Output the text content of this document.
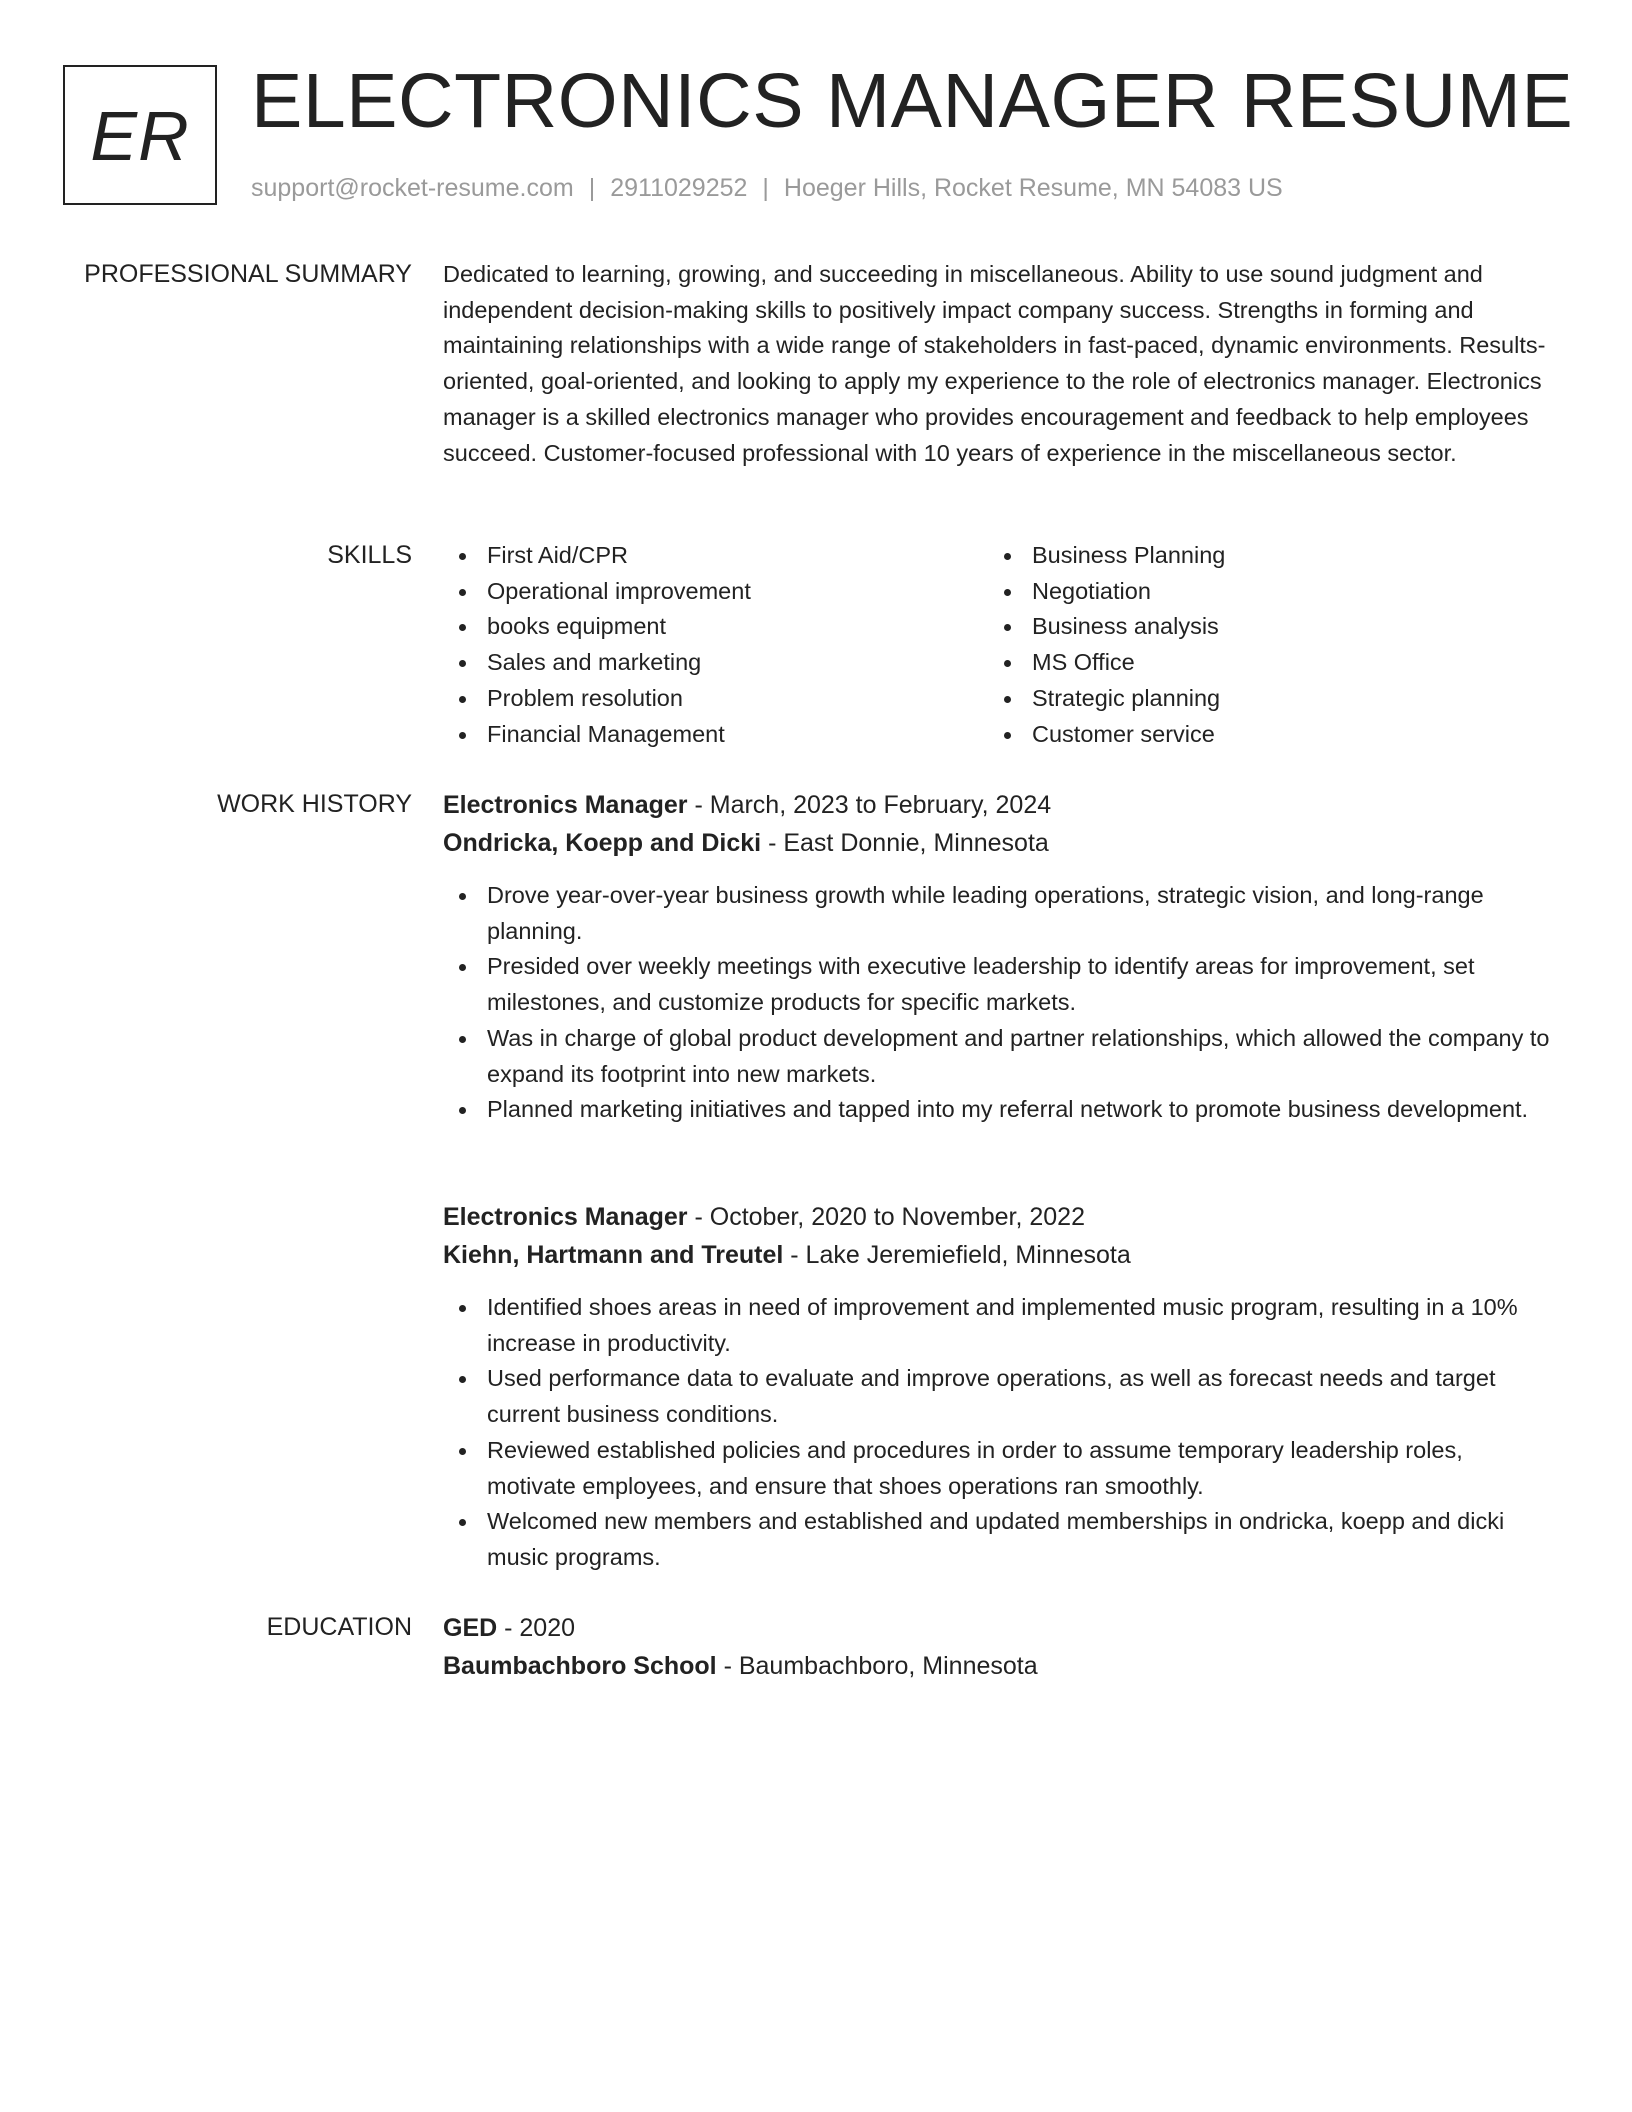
ER ELECTRONICS MANAGER RESUME
support@rocket-resume.com | 2911029252 | Hoeger Hills, Rocket Resume, MN 54083 US
PROFESSIONAL SUMMARY Dedicated to learning, growing, and succeeding in miscellaneous. Ability to use sound judgment and independent decision-making skills to positively impact company success. Strengths in forming and maintaining relationships with a wide range of stakeholders in fast-paced, dynamic environments. Results-oriented, goal-oriented, and looking to apply my experience to the role of electronics manager. Electronics manager is a skilled electronics manager who provides encouragement and feedback to help employees succeed. Customer-focused professional with 10 years of experience in the miscellaneous sector.

SKILLS	First Aid/CPR
Operational improvement
books equipment
Sales and marketing
Problem resolution
Financial Management
Business Planning
Negotiation
Business analysis
MS Office
Strategic planning
Customer service
WORK HISTORY Electronics Manager - March, 2023 to February, 2024
Ondricka, Koepp and Dicki - East Donnie, Minnesota
Drove year-over-year business growth while leading operations, strategic vision, and long-range planning.
Presided over weekly meetings with executive leadership to identify areas for improvement, set milestones, and customize products for specific markets.
Was in charge of global product development and partner relationships, which allowed the company to expand its footprint into new markets.
Planned marketing initiatives and tapped into my referral network to promote business development.
Electronics Manager - October, 2020 to November, 2022
Kiehn, Hartmann and Treutel - Lake Jeremiefield, Minnesota
Identified shoes areas in need of improvement and implemented music program, resulting in a 10% increase in productivity.
Used performance data to evaluate and improve operations, as well as forecast needs and target current business conditions.
Reviewed established policies and procedures in order to assume temporary leadership roles, motivate employees, and ensure that shoes operations ran smoothly.
Welcomed new members and established and updated memberships in ondricka, koepp and dicki music programs.
EDUCATION GED - 2020
Baumbachboro School - Baumbachboro, Minnesota
